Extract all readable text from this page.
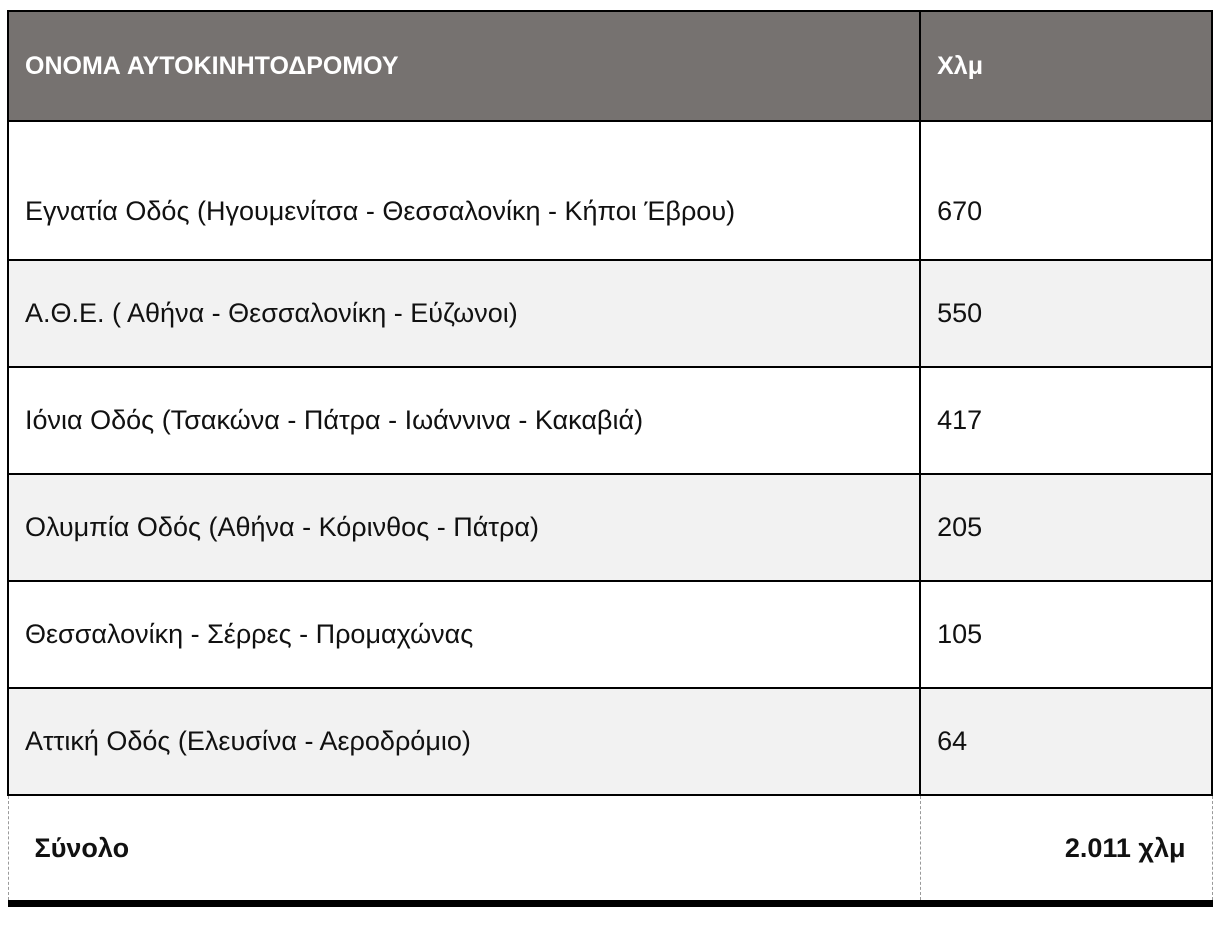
ΟΝΟΜΑ ΑΥΤΟΚΙΝΗΤΟΔΡΟΜΟΥ	Χλμ
Εγνατία Οδός (Ηγουμενίτσα - Θεσσαλονίκη - Κήποι Έβρου)	670
Α.Θ.Ε. ( Αθήνα - Θεσσαλονίκη - Εύζωνοι)	550
Ιόνια Οδός (Τσακώνα - Πάτρα - Ιωάννινα - Κακαβιά)	417
Ολυμπία Οδός (Αθήνα - Κόρινθος - Πάτρα)	205
Θεσσαλονίκη - Σέρρες - Προμαχώνας	105
Αττική Οδός (Ελευσίνα - Αεροδρόμιο)	64
Σύνολο	2.011 χλμ
